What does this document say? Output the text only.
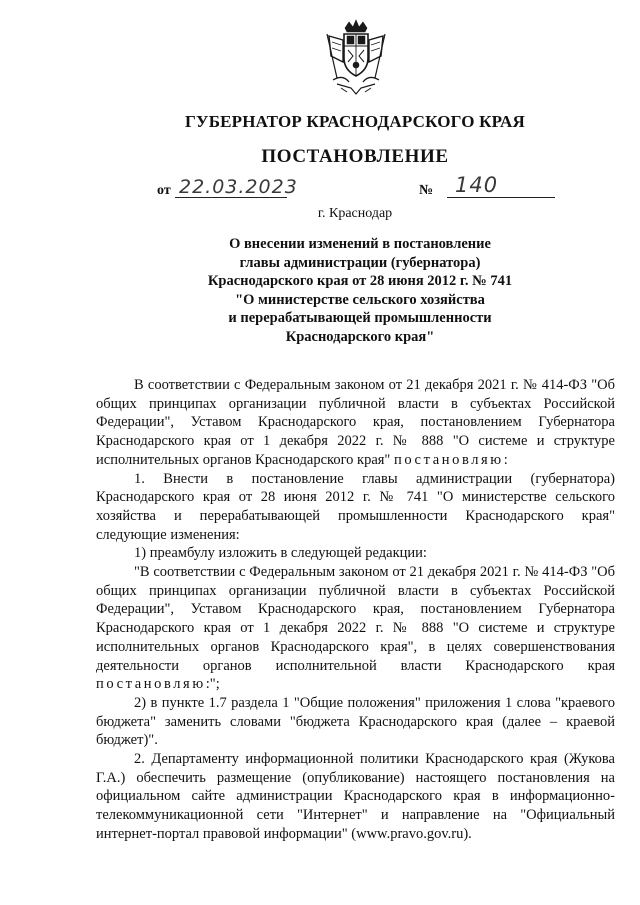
ГУБЕРНАТОР КРАСНОДАРСКОГО КРАЯ
ПОСТАНОВЛЕНИЕ
от 22.03.2023	№ 140
г. Краснодар
О внесении изменений в постановление
главы администрации (губернатора)
Краснодарского края от 28 июня 2012 г. № 741
"О министерстве сельского хозяйства
и перерабатывающей промышленности
Краснодарского края"

В соответствии с Федеральным законом от 21 декабря 2021 г. № 414-ФЗ "Об общих принципах организации публичной власти в субъектах Российской Федерации", Уставом Краснодарского края, постановлением Губернатора Краснодарского края от 1 декабря 2022 г. № 888 "О системе и структуре исполнительных органов Краснодарского края" постановляю:

1. Внести в постановление главы администрации (губернатора) Краснодарского края от 28 июня 2012 г. № 741 "О министерстве сельского хозяйства и перерабатывающей промышленности Краснодарского края" следующие изменения:

1) преамбулу изложить в следующей редакции:

"В соответствии с Федеральным законом от 21 декабря 2021 г. № 414-ФЗ "Об общих принципах организации публичной власти в субъектах Российской Федерации", Уставом Краснодарского края, постановлением Губернатора Краснодарского края от 1 декабря 2022 г. № 888 "О системе и структуре исполнительных органов Краснодарского края", в целях совершенствования деятельности органов исполнительной власти Краснодарского края постановляю:";

2) в пункте 1.7 раздела 1 "Общие положения" приложения 1 слова "краевого бюджета" заменить словами "бюджета Краснодарского края (далее – краевой бюджет)".

2. Департаменту информационной политики Краснодарского края (Жукова Г.А.) обеспечить размещение (опубликование) настоящего постановления на официальном сайте администрации Краснодарского края в информационно-телекоммуникационной сети "Интернет" и направление на "Официальный интернет-портал правовой информации" (www.pravo.gov.ru).
